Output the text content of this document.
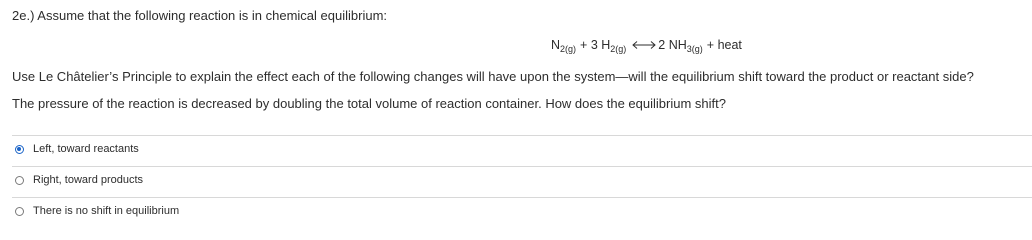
2e.) Assume that the following reaction is in chemical equilibrium:
N 2(g) + 3 H 2(g)	2 NH 3(g) + heat
Use Le Châtelier’s Principle to explain the effect each of the following changes will have upon the system—will the equilibrium shift toward the product or reactant side?
The pressure of the reaction is decreased by doubling the total volume of reaction container. How does the equilibrium shift?
Left, toward reactants
Right, toward products
There is no shift in equilibrium
